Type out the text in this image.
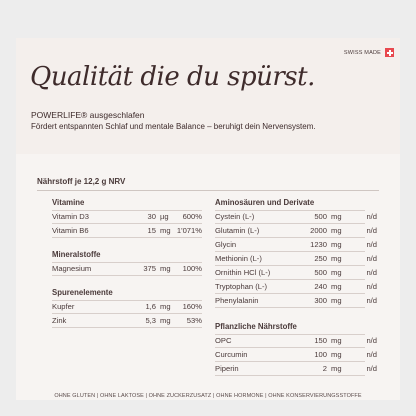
SWISS MADE
Qualität die du spürst.
POWERLIFE® ausgeschlafen
Fördert entspannten Schlaf und mentale Balance – beruhigt dein Nervensystem.
Nährstoff je 12,2 g NRV
Vitamine
Vitamin D3	30 µg 600%
Vitamin B6	15 mg 1'071%
Mineralstoffe
Magnesium	375 mg 100%
Spurenelemente
Kupfer	1,6 mg 160%
Zink	5,3 mg 53%
Aminosäuren und Derivate
Cystein (L-)	500 mg	n/d
Glutamin (L-)	2000 mg	n/d
Glycin	1230 mg	n/d
Methionin (L-)	250 mg	n/d
Ornithin HCl (L-)	500 mg	n/d
Tryptophan (L-)	240 mg	n/d
Phenylalanin	300 mg	n/d
Pflanzliche Nährstoffe
OPC	150 mg	n/d
Curcumin	100 mg	n/d
Piperin	2 mg	n/d
OHNE GLUTEN | OHNE LAKTOSE | OHNE ZUCKERZUSATZ | OHNE HORMONE | OHNE KONSERVIERUNGSSTOFFE
